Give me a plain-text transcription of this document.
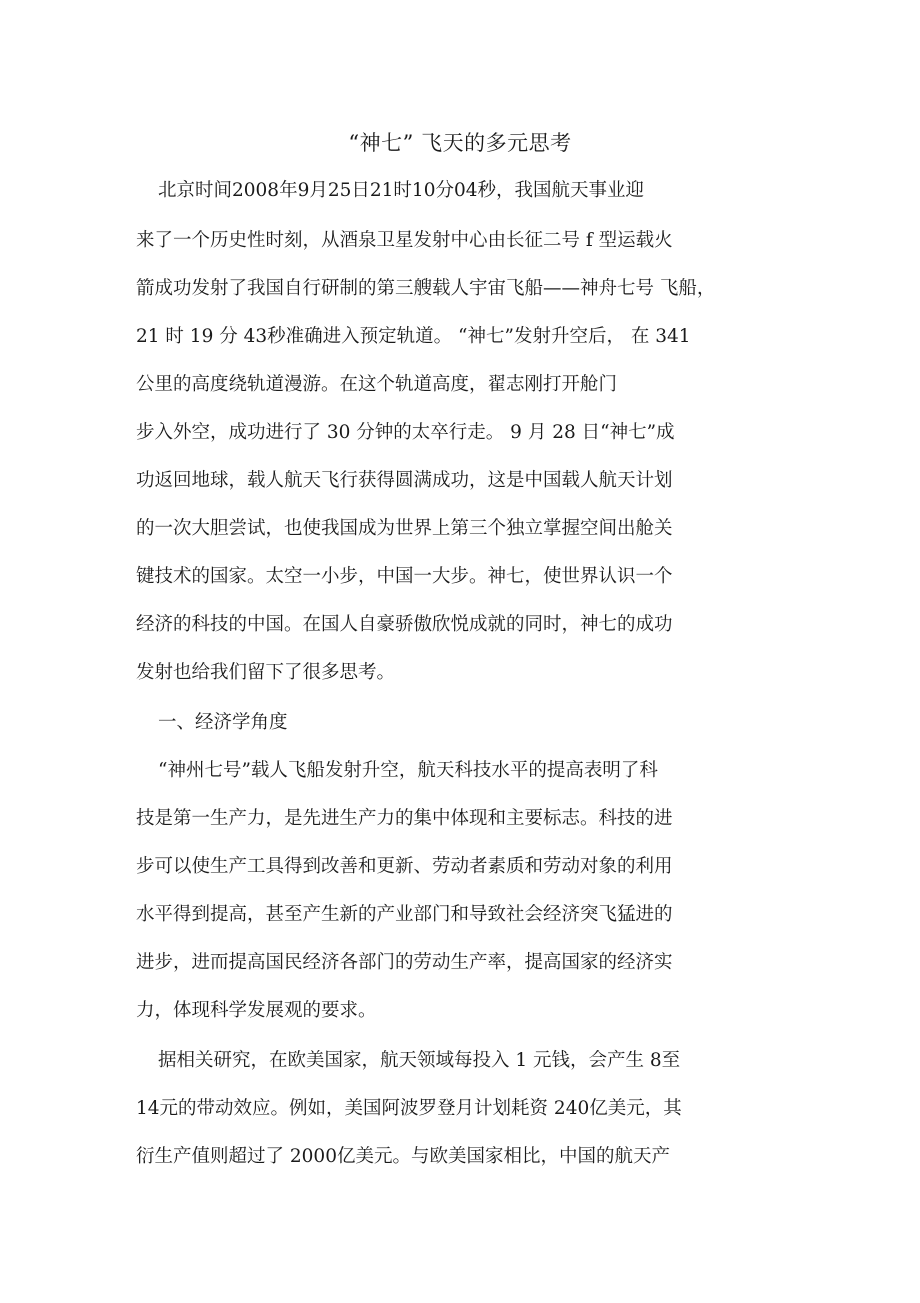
“神七” 飞天的多元思考
北京时间2008年9月25日21时10分04秒，我国航天事业迎
来了一个历史性时刻，从酒泉卫星发射中心由长征二号 f 型运载火
箭成功发射了我国自行研制的第三艘载人宇宙飞船——神舟七号 飞船，
21 时 19 分 43秒准确进入预定轨道。 “神七”发射升空后， 在 341
公里的高度绕轨道漫游。在这个轨道高度，翟志刚打开舱门
步入外空，成功进行了 30 分钟的太卒行走。 9 月 28 日“神七”成
功返回地球，载人航天飞行获得圆满成功，这是中国载人航天计划
的一次大胆尝试，也使我国成为世界上第三个独立掌握空间出舱关
键技术的国家。太空一小步，中国一大步。神七，使世界认识一个
经济的科技的中国。在国人自豪骄傲欣悦成就的同时，神七的成功
发射也给我们留下了很多思考。
一、经济学角度
“神州七号”载人飞船发射升空，航天科技水平的提高表明了科
技是第一生产力，是先进生产力的集中体现和主要标志。科技的进
步可以使生产工具得到改善和更新、劳动者素质和劳动对象的利用
水平得到提高，甚至产生新的产业部门和导致社会经济突飞猛进的
进步，进而提高国民经济各部门的劳动生产率，提高国家的经济实
力，体现科学发展观的要求。
据相关研究，在欧美国家，航天领域每投入 1 元钱，会产生 8至
14元的带动效应。例如，美国阿波罗登月计划耗资 240亿美元，其
衍生产值则超过了 2000亿美元。与欧美国家相比，中国的航天产
